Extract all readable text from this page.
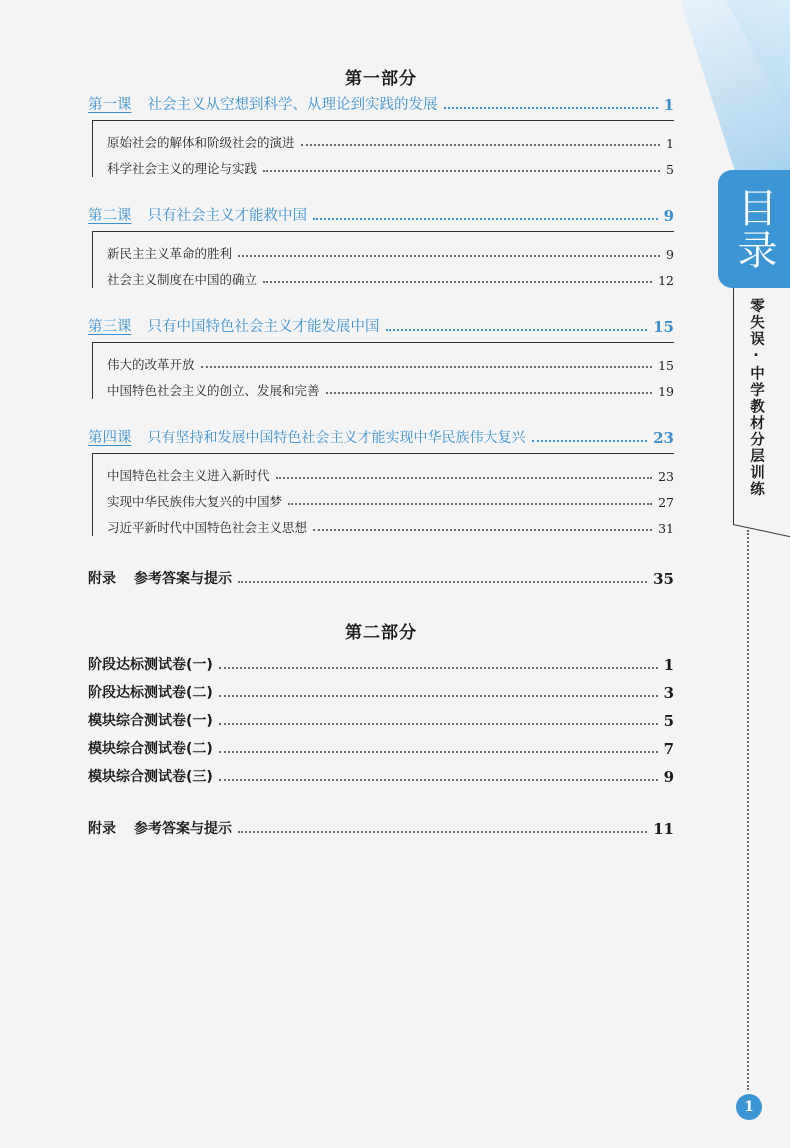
目录
零失误·中学教材分层训练
1
第一部分
第一课 社会主义从空想到科学、从理论到实践的发展	1
原始社会的解体和阶级社会的演进	1
科学社会主义的理论与实践	5
第二课 只有社会主义才能救中国	9
新民主主义革命的胜利	9
社会主义制度在中国的确立	12
第三课 只有中国特色社会主义才能发展中国	15
伟大的改革开放	15
中国特色社会主义的创立、发展和完善	19
第四课 只有坚持和发展中国特色社会主义才能实现中华民族伟大复兴	23
中国特色社会主义进入新时代	23
实现中华民族伟大复兴的中国梦	27
习近平新时代中国特色社会主义思想	31
附录 参考答案与提示	35
第二部分
阶段达标测试卷(一)	1
阶段达标测试卷(二)	3
模块综合测试卷(一)	5
模块综合测试卷(二)	7
模块综合测试卷(三)	9
附录 参考答案与提示	11
